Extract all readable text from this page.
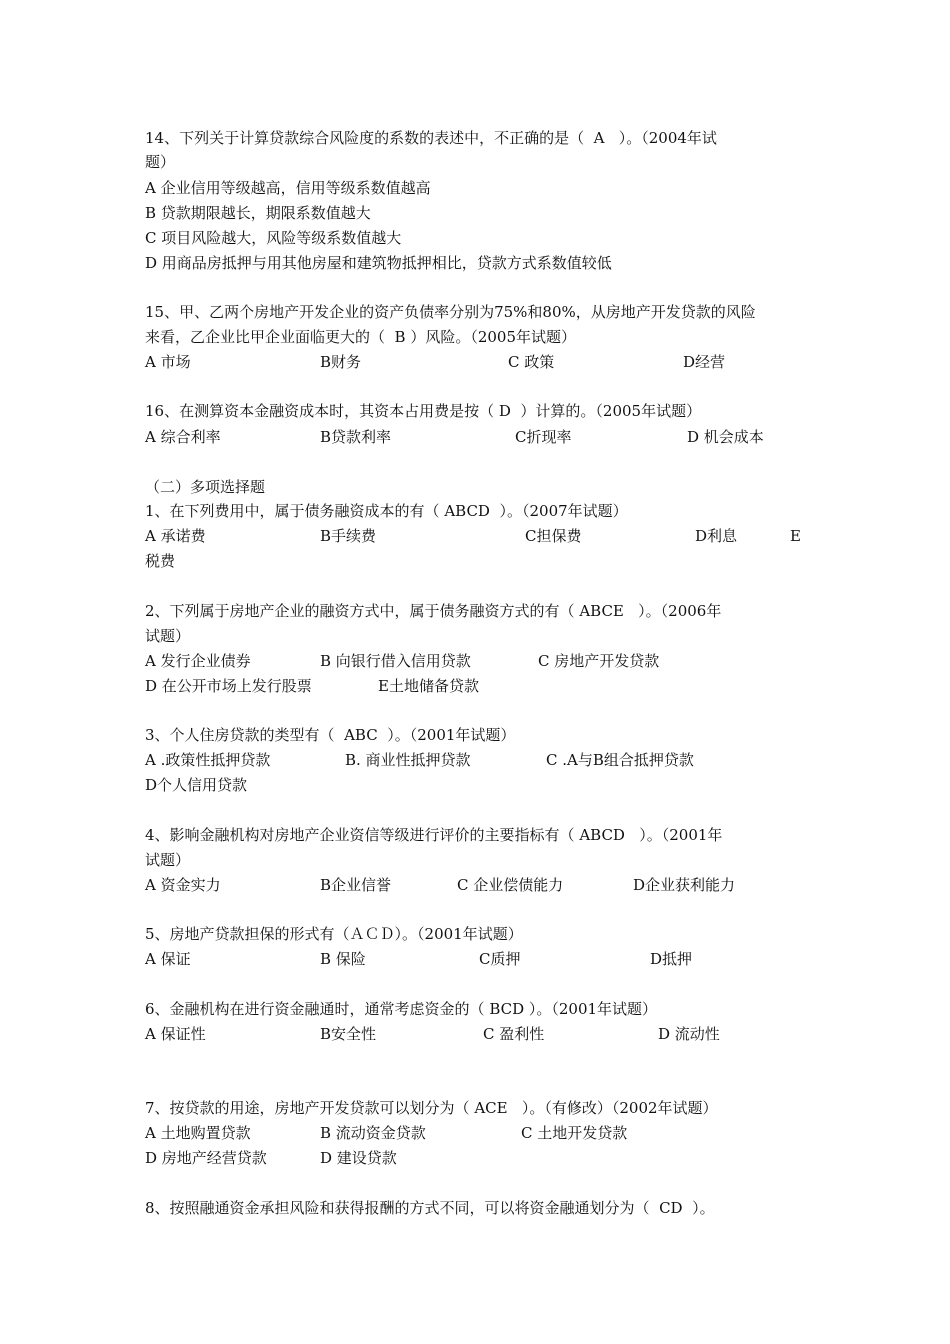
14、下列关于计算贷款综合风险度的系数的表述中，不正确的是（  A   ）。（2004年试
题）
A 企业信用等级越高，信用等级系数值越高
B 贷款期限越长，期限系数值越大
C 项目风险越大，风险等级系数值越大
D 用商品房抵押与用其他房屋和建筑物抵押相比，贷款方式系数值较低
15、甲、乙两个房地产开发企业的资产负债率分别为75%和80%，从房地产开发贷款的风险
来看，乙企业比甲企业面临更大的（  B ）风险。（2005年试题）
A 市场	B财务	C 政策	D经营
16、在测算资本金融资成本时，其资本占用费是按（ D  ）计算的。（2005年试题）
A 综合利率	B贷款利率	C折现率	D 机会成本
（二）多项选择题
1、在下列费用中，属于债务融资成本的有（ ABCD  ）。（2007年试题）
A 承诺费	B手续费	C担保费	D利息	E
税费
2、下列属于房地产企业的融资方式中，属于债务融资方式的有（ ABCE   ）。（2006年
试题）
A 发行企业债券	B 向银行借入信用贷款	C 房地产开发贷款
D 在公开市场上发行股票	E土地储备贷款
3、个人住房贷款的类型有（  ABC  ）。（2001年试题）
A .政策性抵押贷款	B. 商业性抵押贷款	C .A与B组合抵押贷款
D个人信用贷款
4、影响金融机构对房地产企业资信等级进行评价的主要指标有（ ABCD   ）。（2001年
试题）
A 资金实力	B企业信誉	C 企业偿债能力	D企业获利能力
5、房地产贷款担保的形式有（ＡＣＤ）。（2001年试题）
A 保证	B 保险	C质押	D抵押
6、金融机构在进行资金融通时，通常考虑资金的（ BCD ）。（2001年试题）
A 保证性	B安全性	C 盈利性	D 流动性
7、按贷款的用途，房地产开发贷款可以划分为（ ACE   ）。（有修改）（2002年试题）
A 土地购置贷款	B 流动资金贷款	C 土地开发贷款
D 房地产经营贷款	D 建设贷款
8、按照融通资金承担风险和获得报酬的方式不同，可以将资金融通划分为（  CD  ）。
